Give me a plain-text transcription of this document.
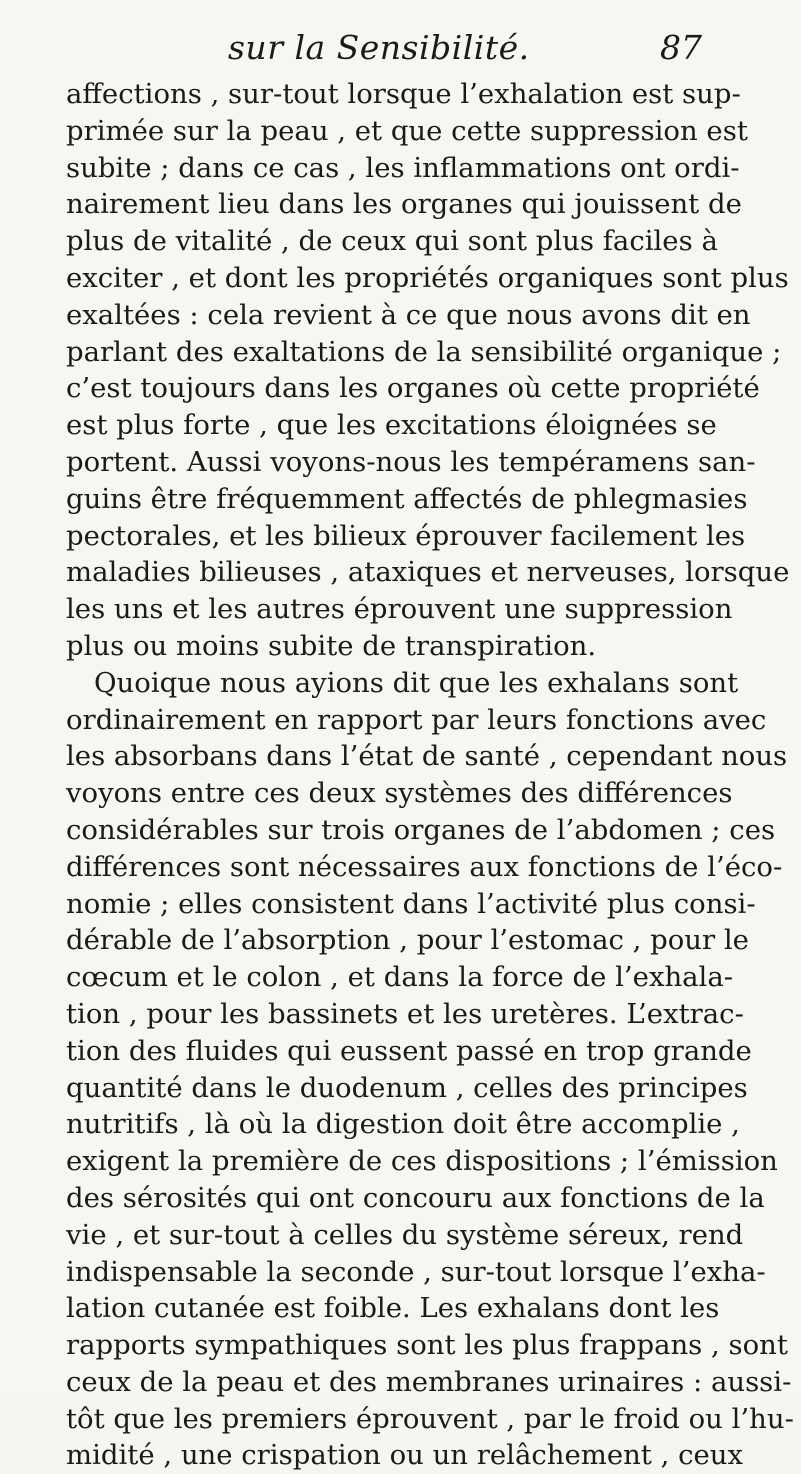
sur la Sensibilité.	87
affections , sur-tout lorsque l’exhalation est sup-
primée sur la peau , et que cette suppression est
subite ; dans ce cas , les inflammations ont ordi-
nairement lieu dans les organes qui jouissent de
plus de vitalité , de ceux qui sont plus faciles à
exciter , et dont les propriétés organiques sont plus
exaltées : cela revient à ce que nous avons dit en
parlant des exaltations de la sensibilité organique ;
c’est toujours dans les organes où cette propriété
est plus forte , que les excitations éloignées se
portent. Aussi voyons-nous les tempéramens san-
guins être fréquemment affectés de phlegmasies
pectorales, et les bilieux éprouver facilement les
maladies bilieuses , ataxiques et nerveuses, lorsque
les uns et les autres éprouvent une suppression
plus ou moins subite de transpiration.
Quoique nous ayions dit que les exhalans sont
ordinairement en rapport par leurs fonctions avec
les absorbans dans l’état de santé , cependant nous
voyons entre ces deux systèmes des différences
considérables sur trois organes de l’abdomen ; ces
différences sont nécessaires aux fonctions de l’éco-
nomie ; elles consistent dans l’activité plus consi-
dérable de l’absorption , pour l’estomac , pour le
cœcum et le colon , et dans la force de l’exhala-
tion , pour les bassinets et les uretères. L’extrac-
tion des fluides qui eussent passé en trop grande
quantité dans le duodenum , celles des principes
nutritifs , là où la digestion doit être accomplie ,
exigent la première de ces dispositions ; l’émission
des sérosités qui ont concouru aux fonctions de la
vie , et sur-tout à celles du système séreux, rend
indispensable la seconde , sur-tout lorsque l’exha-
lation cutanée est foible. Les exhalans dont les
rapports sympathiques sont les plus frappans , sont
ceux de la peau et des membranes urinaires : aussi-
tôt que les premiers éprouvent , par le froid ou l’hu-
midité , une crispation ou un relâchement , ceux
